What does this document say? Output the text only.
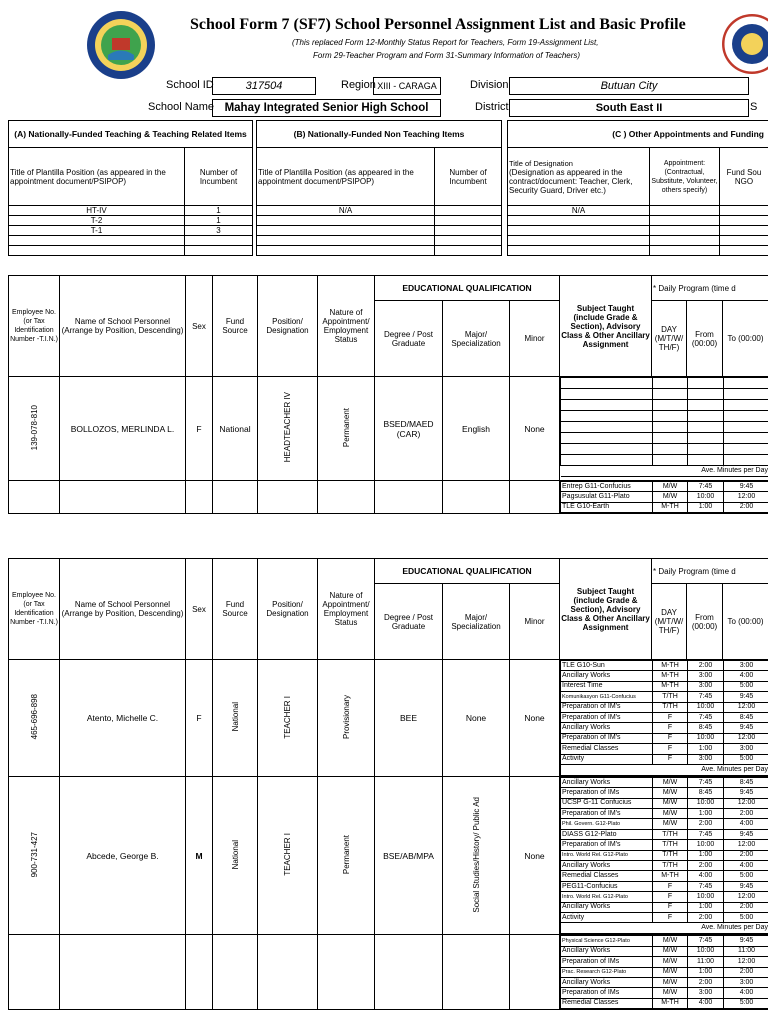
School Form 7 (SF7) School Personnel Assignment List and Basic Profile
(This replaced Form 12-Monthly Status Report for Teachers, Form 19-Assignment List,
Form 29-Teacher Program and Form 31-Summary Information of Teachers)
School ID	317504	Region XIII - CARAGA	Division	Butuan City
School Name Mahay Integrated Senior High School	District	South East II	S
(A) Nationally-Funded Teaching & Teaching Related Items	
Title of Plantilla Position (as appeared in the appointment document/PSIPOP)	Number of Incumbent
HT-IV	1
T-2	1
T-1	3

(B) Nationally-Funded Non Teaching Items	
Title of Plantilla Position (as appeared in the appointment document/PSIPOP)	Number of Incumbent
N/A	

(C ) Other Appointments and Funding		

Title of Designation
(Designation as appeared in the contract/document: Teacher, Clerk, Security Guard, Driver etc.)	Appointment: (Contractual, Substitute, Volunteer, others specify)	Fund Sou NGO
N/A		

Employee No. (or Tax Identification Number -T.I.N.)	Name of School Personnel (Arrange by Position, Descending)	Sex	Fund Source	Position/ Designation	Nature of Appointment/ Employment Status	EDUCATIONAL QUALIFICATION	Subject Taught (include Grade & Section), Advisory Class & Other Ancillary Assignment	* Daily Program (time d
Degree / Post Graduate	Major/ Specialization	Minor	DAY (M/T/W/ TH/F)	From (00:00)	To (00:00)
139-078-810	BOLLOZOS, MERLINDA L.	F	National	HEADTEACHER IV	Permanent	BSED/MAED (CAR)	English	None	

Ave. Minutes per Day

Entrep G11-Confucius	M/W	7:45	9:45
Pagsusulat G11-Plato	M/W	10:00	12:00
TLE G10-Earth	M-TH	1:00	2:00
Employee No. (or Tax Identification Number -T.I.N.)	Name of School Personnel (Arrange by Position, Descending)	Sex	Fund Source	Position/ Designation	Nature of Appointment/ Employment Status	EDUCATIONAL QUALIFICATION	Subject Taught (include Grade & Section), Advisory Class & Other Ancillary Assignment	* Daily Program (time d
Degree / Post Graduate	Major/ Specialization	Minor	DAY (M/T/W/ TH/F)	From (00:00)	To (00:00)
465-696-898	Atento, Michelle C.	F	National	TEACHER I	Provisionary	BEE	None	None	
TLE G10-Sun	M-TH	2:00	3:00
Ancillary Works	M-TH	3:00	4:00
Interest Time	M-TH	3:00	5:00
Komunikasyon G11-Confucius	T/TH	7:45	9:45
Preparation of IM's	T/TH	10:00	12:00
Preparation of IM's	F	7:45	8:45
Ancillary Works	F	8:45	9:45
Preparation of IM's	F	10:00	12:00
Remedial Classes	F	1:00	3:00
Activity	F	3:00	5:00
Ave. Minutes per Day

900-731-427	Abcede, George B.	M	National	TEACHER I	Permanent	BSE/AB/MPA	Social Studies/History/ Public Ad	None	
Ancillary Works	M/W	7:45	8:45
Preparation of IMs	M/W	8:45	9:45
UCSP G-11 Confucius	M/W	10:00	12:00
Preparation of IM's	M/W	1:00	2:00
Phil. Govern. G12-Plato	M/W	2:00	4:00
DIASS G12-Plato	T/TH	7:45	9:45
Preparation of IM's	T/TH	10:00	12:00
Intro. World Rel. G12-Plato	T/TH	1:00	2:00
Ancillary Works	T/TH	2:00	4:00
Remedial Classes	M-TH	4:00	5:00
PEG11-Confucius	F	7:45	9:45
Intro. World Rel. G12-Plato	F	10:00	12:00
Ancillary Works	F	1:00	2:00
Activity	F	2:00	5:00
Ave. Minutes per Day

Physical Science G12-Plato	M/W	7:45	9:45
Ancillary Works	M/W	10:00	11:00
Preparation of IMs	M/W	11:00	12:00
Prac. Research G12-Plato	M/W	1:00	2:00
Ancillary Works	M/W	2:00	3:00
Preparation of IMs	M/W	3:00	4:00
Remedial Classes	M-TH	4:00	5:00
